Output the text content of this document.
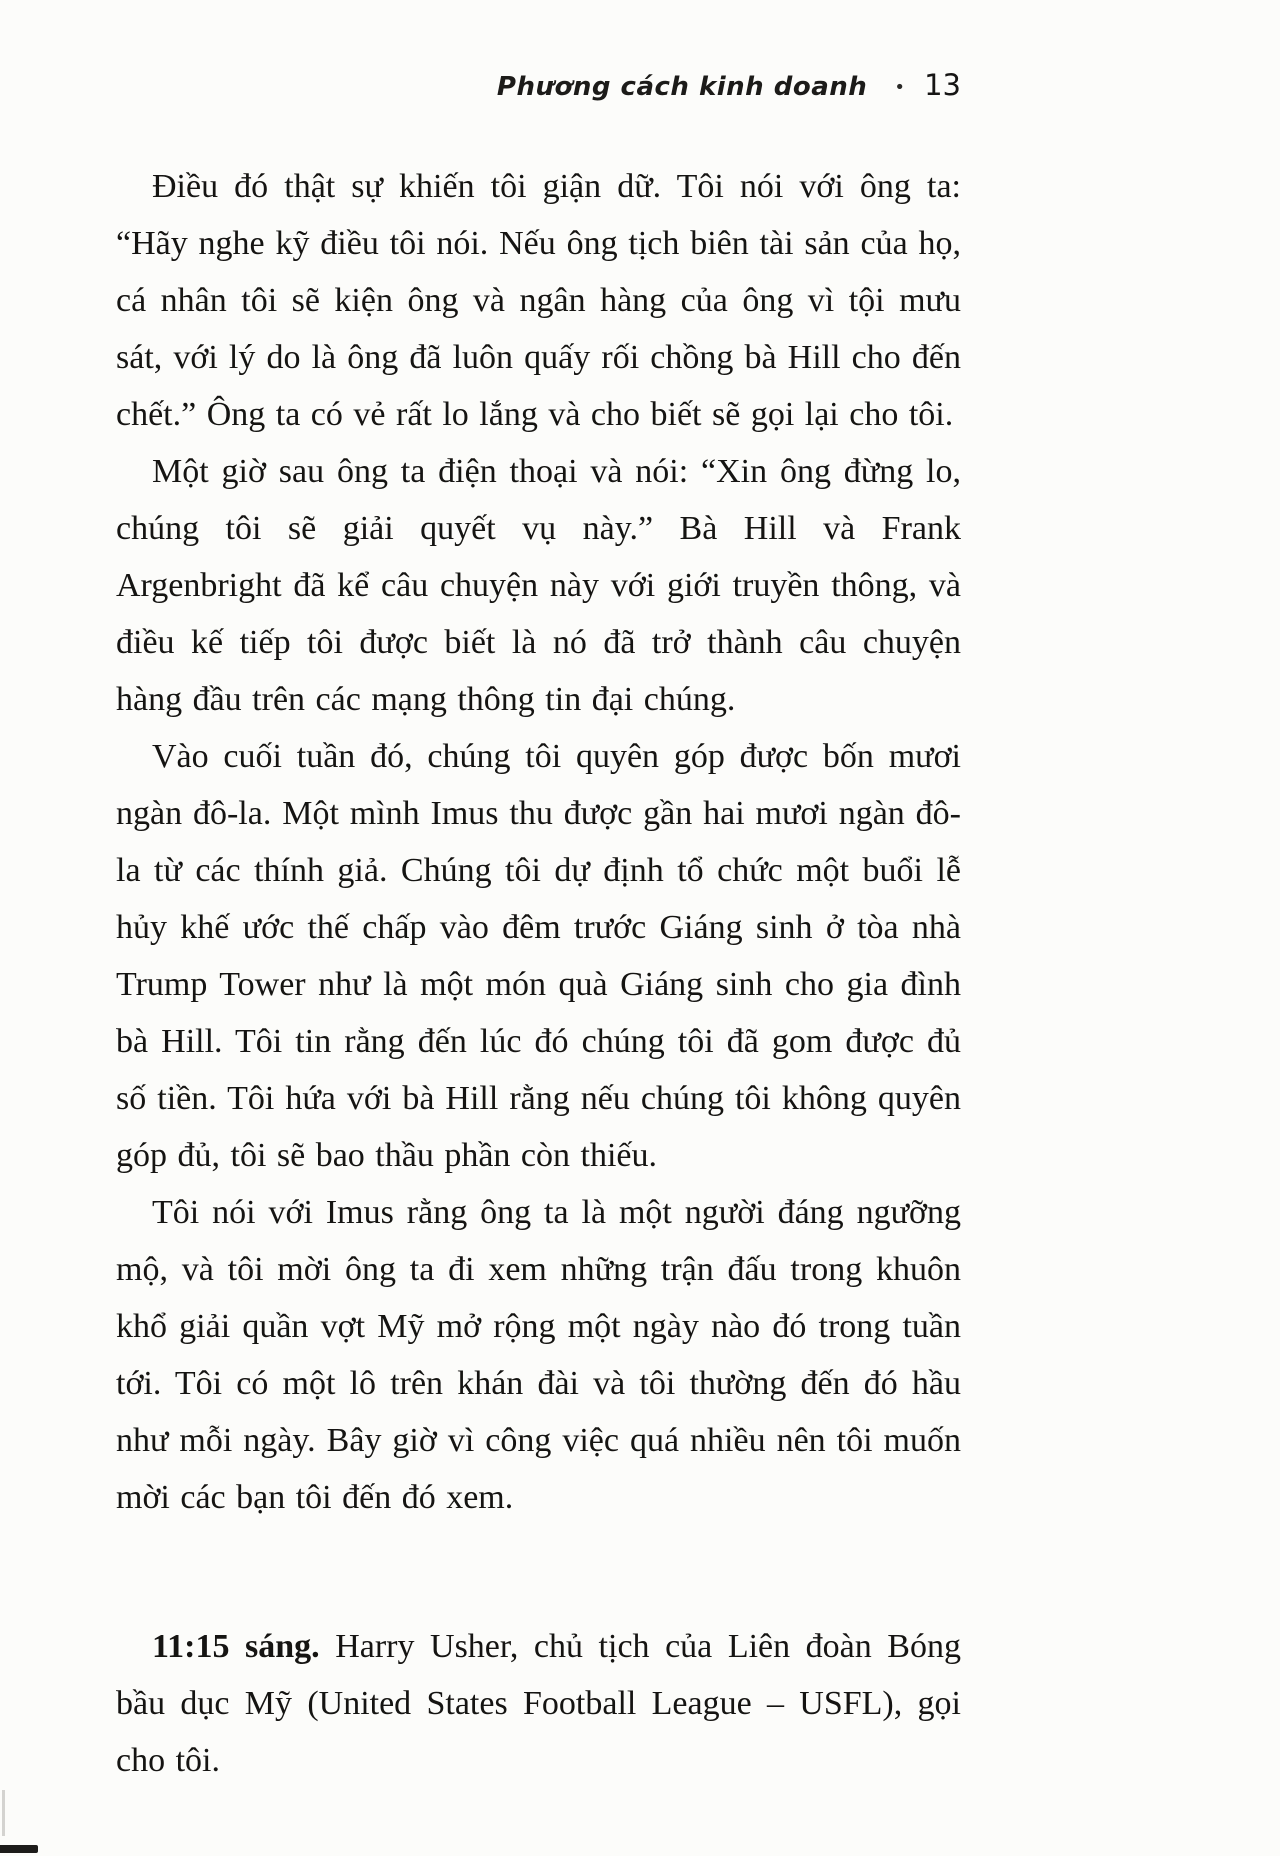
Phương cách kinh doanh • 13

Điều đó thật sự khiến tôi giận dữ. Tôi nói với ông ta: “Hãy nghe kỹ điều tôi nói. Nếu ông tịch biên tài sản của họ, cá nhân tôi sẽ kiện ông và ngân hàng của ông vì tội mưu sát, với lý do là ông đã luôn quấy rối chồng bà Hill cho đến chết.” Ông ta có vẻ rất lo lắng và cho biết sẽ gọi lại cho tôi.

Một giờ sau ông ta điện thoại và nói: “Xin ông đừng lo, chúng tôi sẽ giải quyết vụ này.” Bà Hill và Frank Argenbright đã kể câu chuyện này với giới truyền thông, và điều kế tiếp tôi được biết là nó đã trở thành câu chuyện hàng đầu trên các mạng thông tin đại chúng.

Vào cuối tuần đó, chúng tôi quyên góp được bốn mươi ngàn đô-la. Một mình Imus thu được gần hai mươi ngàn đô-la từ các thính giả. Chúng tôi dự định tổ chức một buổi lễ hủy khế ước thế chấp vào đêm trước Giáng sinh ở tòa nhà Trump Tower như là một món quà Giáng sinh cho gia đình bà Hill. Tôi tin rằng đến lúc đó chúng tôi đã gom được đủ số tiền. Tôi hứa với bà Hill rằng nếu chúng tôi không quyên góp đủ, tôi sẽ bao thầu phần còn thiếu.

Tôi nói với Imus rằng ông ta là một người đáng ngưỡng mộ, và tôi mời ông ta đi xem những trận đấu trong khuôn khổ giải quần vợt Mỹ mở rộng một ngày nào đó trong tuần tới. Tôi có một lô trên khán đài và tôi thường đến đó hầu như mỗi ngày. Bây giờ vì công việc quá nhiều nên tôi muốn mời các bạn tôi đến đó xem.

11:15 sáng. Harry Usher, chủ tịch của Liên đoàn Bóng bầu dục Mỹ (United States Football League – USFL), gọi cho tôi.
